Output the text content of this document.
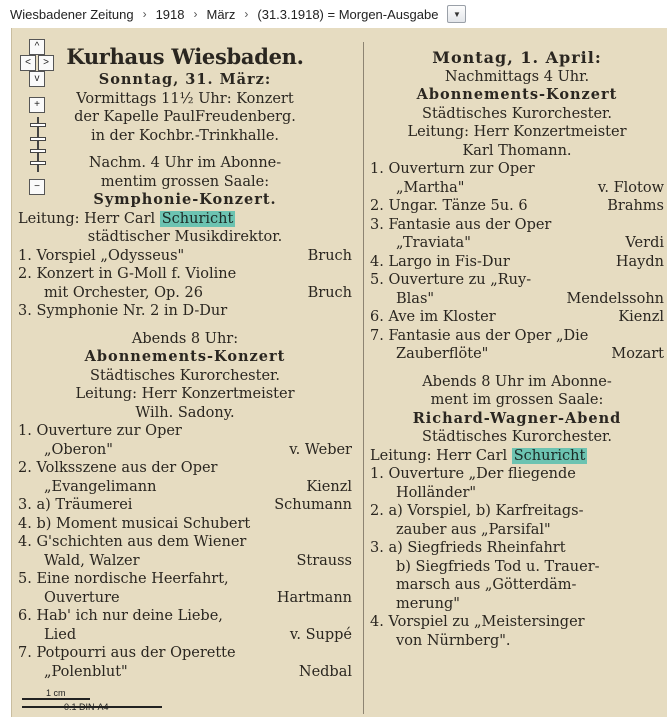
Wiesbadener Zeitung › 1918 › März › (31.3.1918) = Morgen-Ausgabe ▼

Kurhaus Wiesbaden.

Sonntag, 31. März:

Vormittags 11½ Uhr: Konzert

der Kapelle PaulFreudenberg.

in der Kochbr.-Trinkhalle.

Nachm. 4 Uhr im Abonne-

mentim grossen Saale:

Symphonie-Konzert.

Leitung: Herr Carl Schuricht

städtischer Musikdirektor.

1. Vorspiel „Odysseus"	Bruch

2. Konzert in G-Moll f. Violine

mit Orchester, Op. 26	Bruch

3. Symphonie Nr. 2 in D-Dur

Abends 8 Uhr:

Abonnements-Konzert

Städtisches Kurorchester.

Leitung: Herr Konzertmeister

Wilh. Sadony.

1. Ouverture zur Oper

„Oberon"	v. Weber

2. Volksszene aus der Oper

„Evangelimann	Kienzl

3. a) Träumerei	Schumann

4. b) Moment musicai Schubert

4. G'schichten aus dem Wiener

Wald, Walzer	Strauss

5. Eine nordische Heerfahrt,

Ouverture	Hartmann

6. Hab' ich nur deine Liebe,

Lied	v. Suppé

7. Potpourri aus der Operette

„Polenblut"	Nedbal

Montag, 1. April:

Nachmittags 4 Uhr.

Abonnements-Konzert

Städtisches Kurorchester.

Leitung: Herr Konzertmeister

Karl Thomann.

1. Ouverturn zur Oper

„Martha"	v. Flotow

2. Ungar. Tänze 5u. 6	Brahms

3. Fantasie aus der Oper

„Traviata"	Verdi

4. Largo in Fis-Dur	Haydn

5. Ouverture zu „Ruy-

Blas"	Mendelssohn

6. Ave im Kloster	Kienzl

7. Fantasie aus der Oper „Die

Zauberflöte"	Mozart

Abends 8 Uhr im Abonne-

ment im grossen Saale:

Richard-Wagner-Abend

Städtisches Kurorchester.

Leitung: Herr Carl Schuricht

1. Ouverture „Der fliegende

Holländer"

2. a) Vorspiel, b) Karfreitags-

zauber aus „Parsifal"

3. a) Siegfrieds Rheinfahrt

b) Siegfrieds Tod u. Trauer-

marsch aus „Götterdäm-

merung"

4. Vorspiel zu „Meistersinger

von Nürnberg".

^
<	>
v
+
−
1 cm
0.1 DIN-A4
